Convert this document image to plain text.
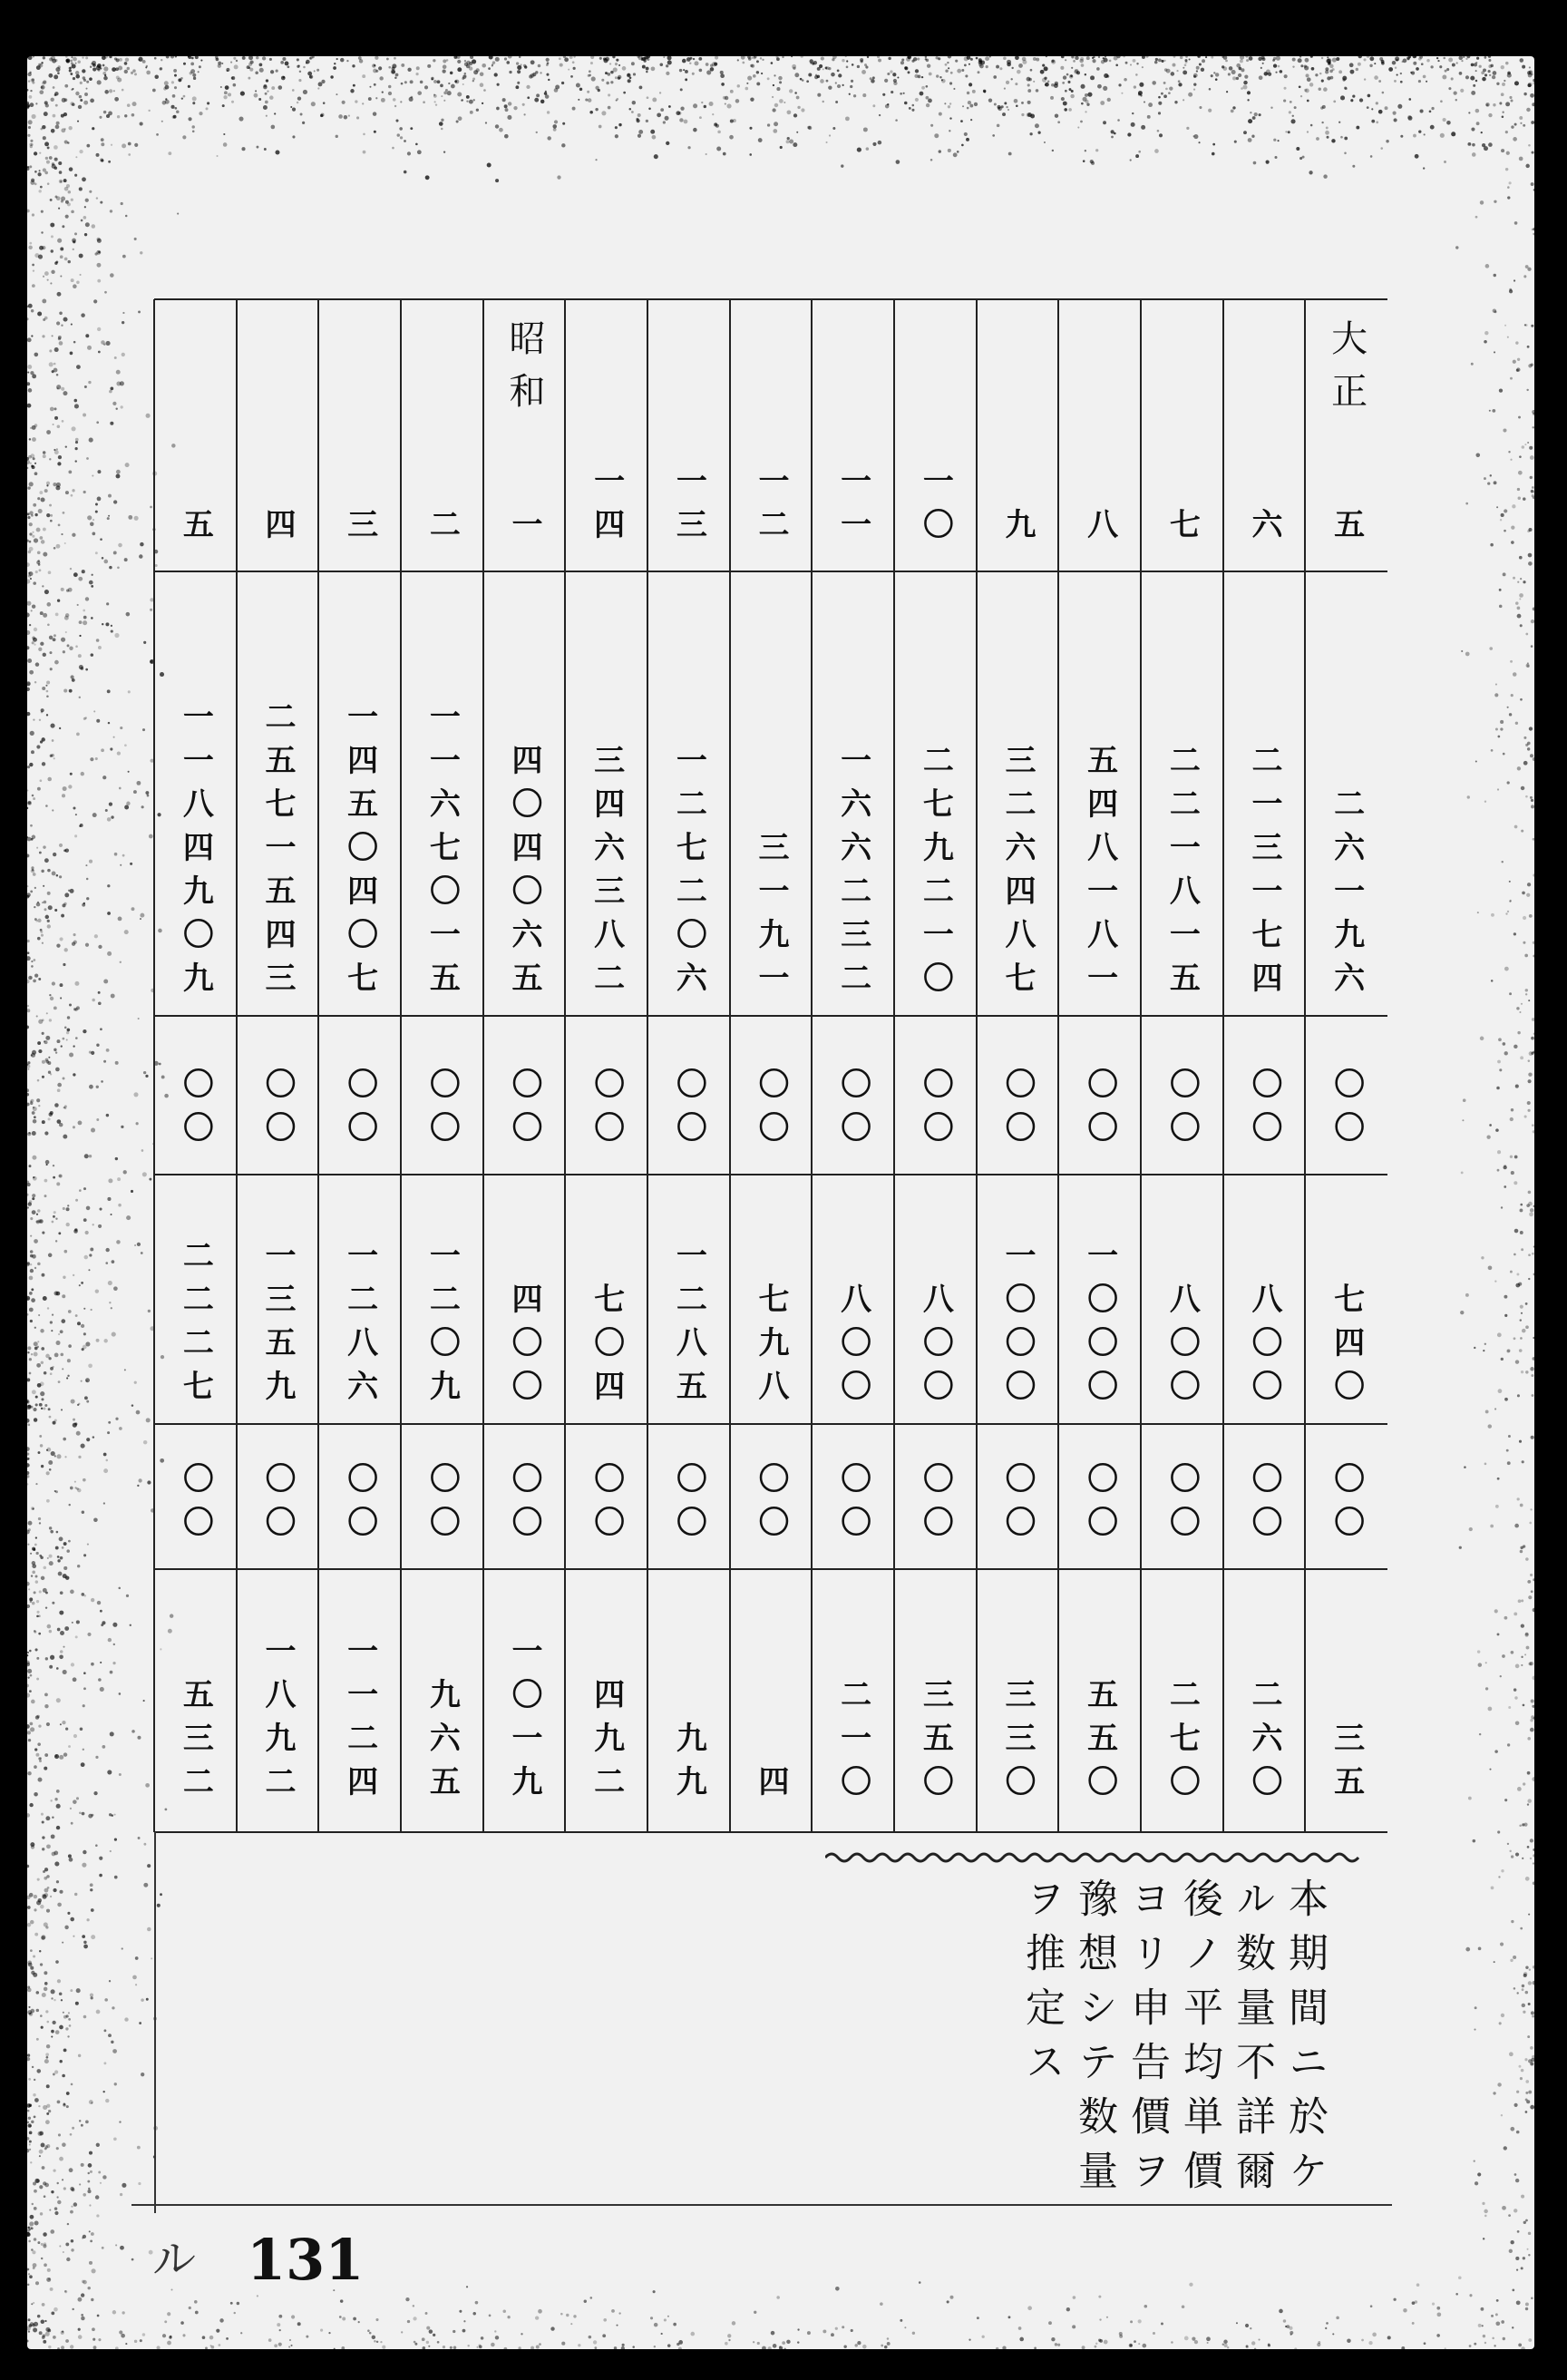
大正
五
二六一九六
〇〇
七四〇
〇〇
三五
六
二一三一七四
〇〇
八〇〇
〇〇
二六〇
七
二二一八一五
〇〇
八〇〇
〇〇
二七〇
八
五四八一八一
〇〇
一〇〇〇
〇〇
五五〇
九
三二六四八七
〇〇
一〇〇〇
〇〇
三三〇
一〇
二七九二一〇
〇〇
八〇〇
〇〇
三五〇
一一
一六六二三二
〇〇
八〇〇
〇〇
二一〇
一二
三一九一
〇〇
七九八
〇〇
四
一三
一二七二〇六
〇〇
一二八五
〇〇
九九
一四
三四六三八二
〇〇
七〇四
〇〇
四九二
昭和
一
四〇四〇六五
〇〇
四〇〇
〇〇
一〇一九
二
一一六七〇一五
〇〇
一二〇九
〇〇
九六五
三
一四五〇四〇七
〇〇
一二八六
〇〇
一一二四
四
二五七一五四三
〇〇
一三五九
〇〇
一八九二
五
一一八四九〇九
〇〇
二二二七
〇〇
五三二
本期間ニ於ケ
ル数量不詳爾
後ノ平均単價
ヨリ申告價ヲ
豫想シテ数量
ヲ推定ス
ル 131
